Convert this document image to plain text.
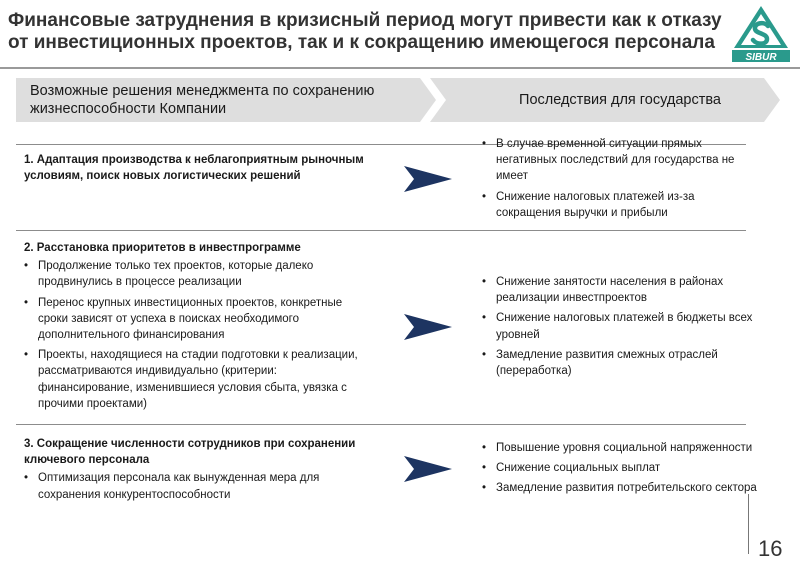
Финансовые затруднения в кризисный период могут привести как к отказу от инвестиционных проектов, так и к сокращению имеющегося персонала
SIBUR
Возможные решения менеджмента по сохранению жизнеспособности Компании
Последствия для государства
1. Адаптация производства к неблагоприятным рыночным условиям, поиск новых логистических решений
• В случае временной ситуации прямых негативных последствий для государства не имеет
• Снижение налоговых платежей из-за сокращения выручки и прибыли
2. Расстановка приоритетов в инвестпрограмме
• Продолжение только тех проектов, которые далеко продвинулись в процессе реализации
• Перенос крупных инвестиционных проектов, конкретные сроки зависят от успеха в поисках необходимого дополнительного финансирования
• Проекты, находящиеся на стадии подготовки к реализации, рассматриваются индивидуально (критерии: финансирование, изменившиеся условия сбыта, увязка с прочими проектами)
• Снижение занятости населения в районах реализации инвестпроектов
• Снижение налоговых платежей в бюджеты всех уровней
• Замедление развития смежных отраслей (переработка)
3. Сокращение численности сотрудников при сохранении ключевого персонала
• Оптимизация персонала как вынужденная мера для сохранения конкурентоспособности
• Повышение уровня социальной напряженности
• Снижение социальных выплат
• Замедление развития потребительского сектора
16
